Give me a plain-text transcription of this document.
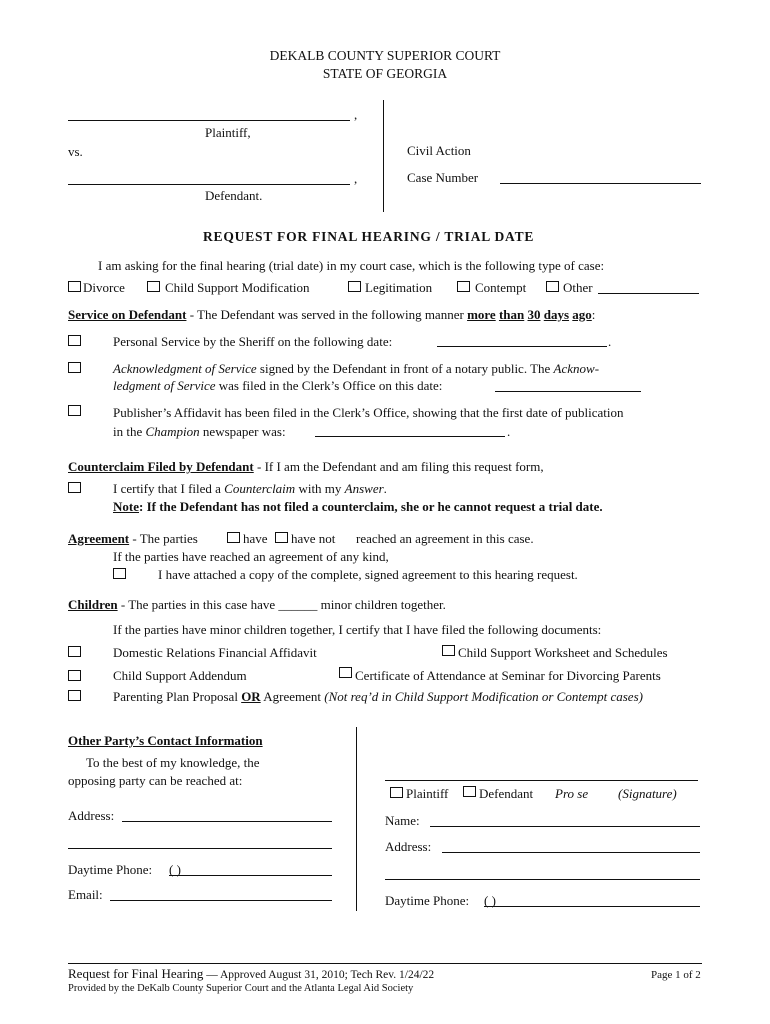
DEKALB COUNTY SUPERIOR COURT
STATE OF GEORGIA
,
Plaintiff,
vs.
,
Defendant.
Civil Action
Case Number
REQUEST FOR FINAL HEARING / TRIAL DATE
I am asking for the final hearing (trial date) in my court case, which is the following type of case:
Divorce	Child Support Modification	Legitimation	Contempt	Other
Service on Defendant - The Defendant was served in the following manner more than 30 days ago:
Personal Service by the Sheriff on the following date:	.
Acknowledgment of Service signed by the Defendant in front of a notary public. The Acknow-
ledgment of Service was filed in the Clerk’s Office on this date:
Publisher’s Affidavit has been filed in the Clerk’s Office, showing that the first date of publication
in the Champion newspaper was:	.
Counterclaim Filed by Defendant - If I am the Defendant and am filing this request form,
I certify that I filed a Counterclaim with my Answer.
Note: If the Defendant has not filed a counterclaim, she or he cannot request a trial date.
Agreement - The parties	have have not reached an agreement in this case.
If the parties have reached an agreement of any kind,
I have attached a copy of the complete, signed agreement to this hearing request.
Children - The parties in this case have ______ minor children together.
If the parties have minor children together, I certify that I have filed the following documents:
Domestic Relations Financial Affidavit	Child Support Worksheet and Schedules
Child Support Addendum	Certificate of Attendance at Seminar for Divorcing Parents
Parenting Plan Proposal OR Agreement (Not req’d in Child Support Modification or Contempt cases)
Other Party’s Contact Information
To the best of my knowledge, the
opposing party can be reached at:
Address:
Daytime Phone: ( )
Email:
Plaintiff Defendant Pro se (Signature)
Name:
Address:
Daytime Phone: ( )
Request for Final Hearing — Approved August 31, 2010; Tech Rev. 1/24/22
Provided by the DeKalb County Superior Court and the Atlanta Legal Aid Society
Page 1 of 2
